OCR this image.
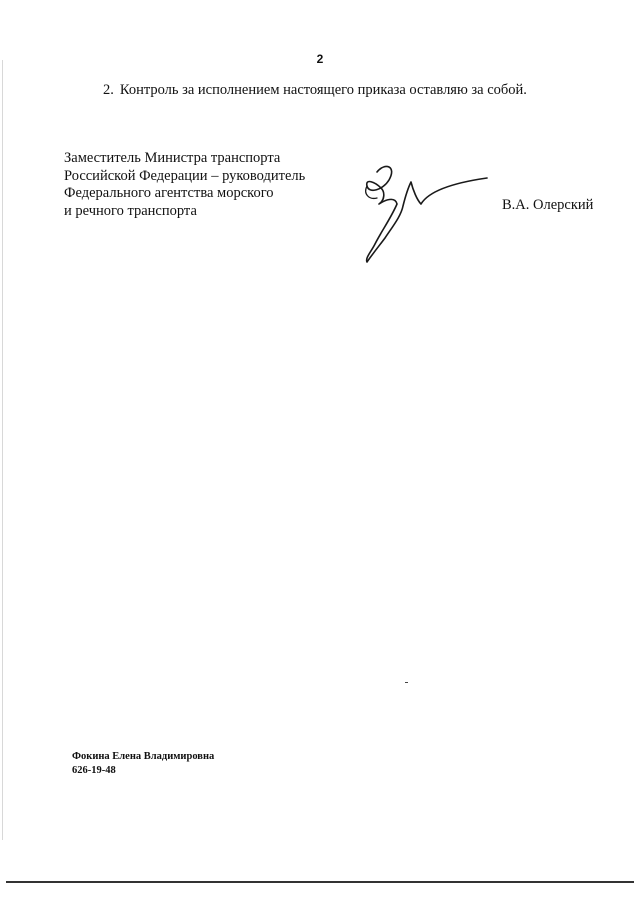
2
2. Контроль за исполнением настоящего приказа оставляю за собой.
Заместитель Министра транспорта
Российской Федерации – руководитель
Федерального агентства морского
и речного транспорта	В.А. Олерский
Фокина Елена Владимировна
626-19-48
